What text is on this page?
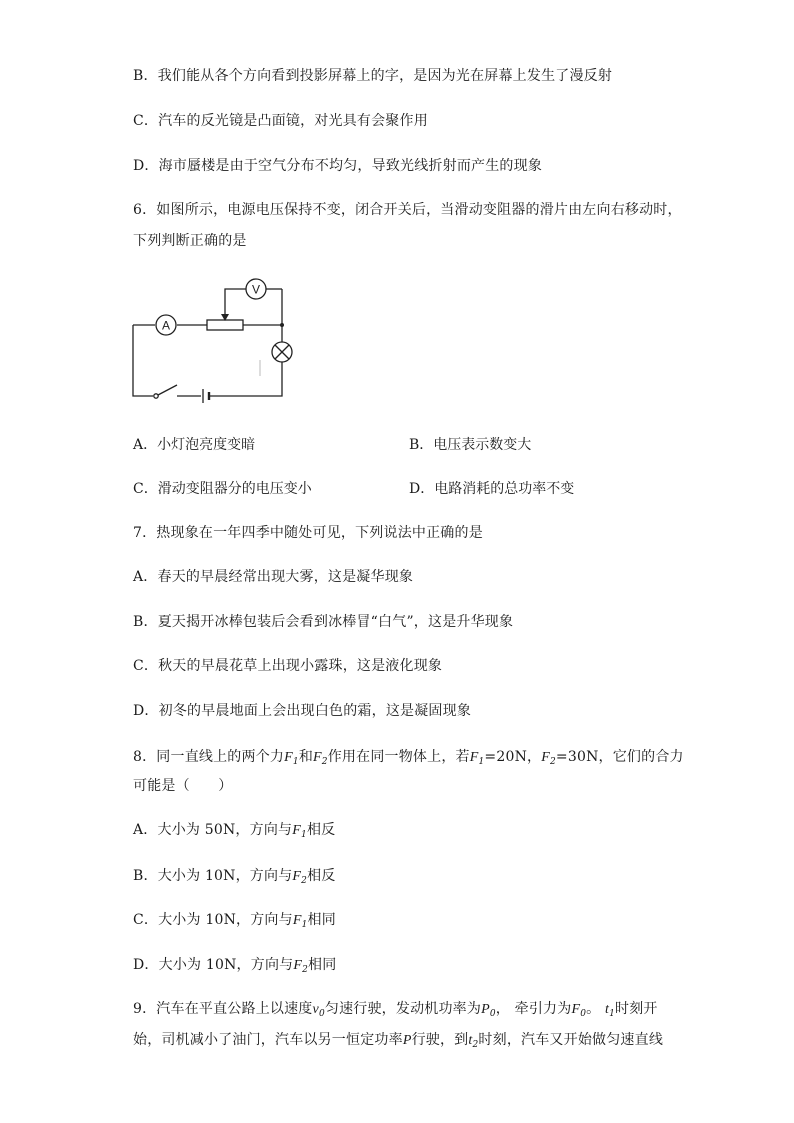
B．我们能从各个方向看到投影屏幕上的字，是因为光在屏幕上发生了漫反射
C．汽车的反光镜是凸面镜，对光具有会聚作用
D．海市蜃楼是由于空气分布不均匀，导致光线折射而产生的现象
6．如图所示，电源电压保持不变，闭合开关后，当滑动变阻器的滑片由左向右移动时，
下列判断正确的是
A
V
A．小灯泡亮度变暗	B．电压表示数变大
C．滑动变阻器分的电压变小	D．电路消耗的总功率不变
7．热现象在一年四季中随处可见，下列说法中正确的是
A．春天的早晨经常出现大雾，这是凝华现象
B．夏天揭开冰棒包装后会看到冰棒冒“白气”，这是升华现象
C．秋天的早晨花草上出现小露珠，这是液化现象
D．初冬的早晨地面上会出现白色的霜，这是凝固现象
8．同一直线上的两个力$F_1$和$F_2$作用在同一物体上，若$F_1=20N$，$F_2=30N$，它们的合力
可能是（　　）
A．大小为 50N，方向与$F_1$相反
B．大小为 10N，方向与$F_2$相反
C．大小为 10N，方向与$F_1$相同
D．大小为 10N，方向与$F_2$相同
9．汽车在平直公路上以速度$v_0$匀速行驶，发动机功率为$P_0$， 牵引力为$F_0$。 $t_1$时刻开
始，司机减小了油门，汽车以另一恒定功率P行驶，到$t_2$时刻，汽车又开始做匀速直线
